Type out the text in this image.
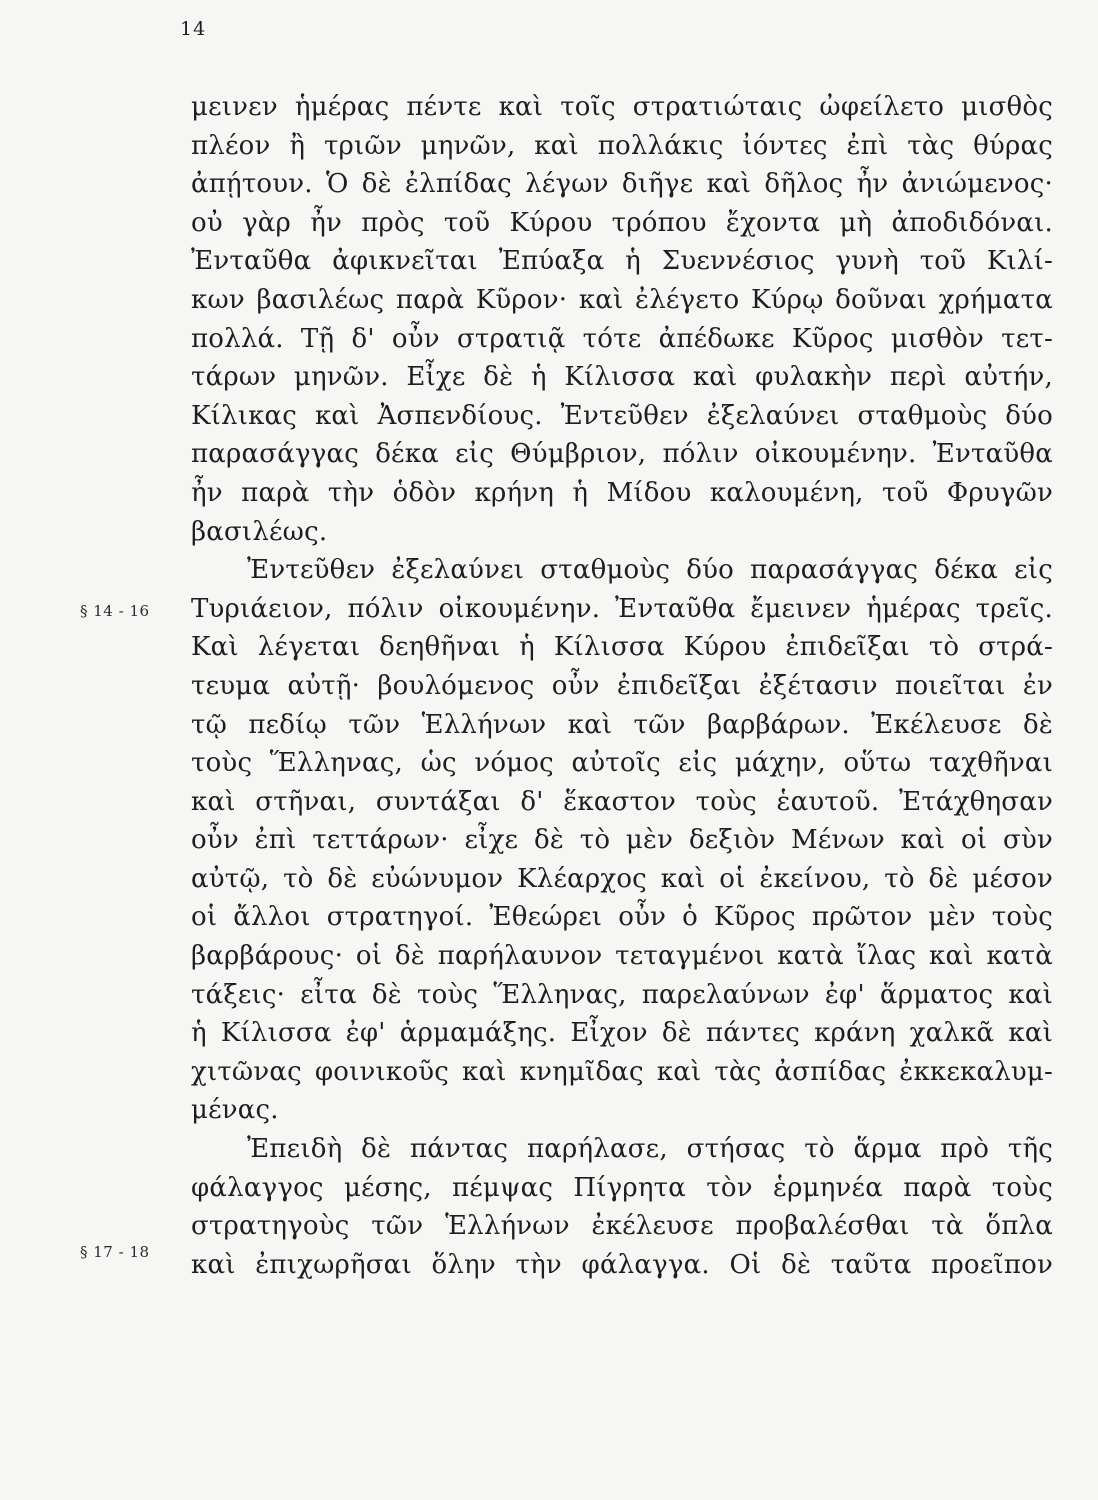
14
§ 14 - 16
§ 17 - 18
μεινεν ἡμέρας πέντε καὶ τοῖς στρατιώταις ὠφείλετο μισθὸς
πλέον ἢ τριῶν μηνῶν, καὶ πολλάκις ἰόντες ἐπὶ τὰς θύρας
ἀπῄτουν. Ὁ δὲ ἐλπίδας λέγων διῆγε καὶ δῆλος ἦν ἀνιώμενος·
οὐ γὰρ ἦν πρὸς τοῦ Κύρου τρόπου ἔχοντα μὴ ἀποδιδόναι.
Ἐνταῦθα ἀφικνεῖται Ἐπύαξα ἡ Συεννέσιος γυνὴ τοῦ Κιλί-
κων βασιλέως παρὰ Κῦρον· καὶ ἐλέγετο Κύρῳ δοῦναι χρήματα
πολλά. Τῇ δ' οὖν στρατιᾷ τότε ἀπέδωκε Κῦρος μισθὸν τετ-
τάρων μηνῶν. Εἶχε δὲ ἡ Κίλισσα καὶ φυλακὴν περὶ αὐτήν,
Κίλικας καὶ Ἀσπενδίους. Ἐντεῦθεν ἐξελαύνει σταθμοὺς δύο
παρασάγγας δέκα εἰς Θύμβριον, πόλιν οἰκουμένην. Ἐνταῦθα
ἦν παρὰ τὴν ὁδὸν κρήνη ἡ Μίδου καλουμένη, τοῦ Φρυγῶν
βασιλέως.
Ἐντεῦθεν ἐξελαύνει σταθμοὺς δύο παρασάγγας δέκα εἰς
Τυριάειον, πόλιν οἰκουμένην. Ἐνταῦθα ἔμεινεν ἡμέρας τρεῖς.
Καὶ λέγεται δεηθῆναι ἡ Κίλισσα Κύρου ἐπιδεῖξαι τὸ στρά-
τευμα αὐτῇ· βουλόμενος οὖν ἐπιδεῖξαι ἐξέτασιν ποιεῖται ἐν
τῷ πεδίῳ τῶν Ἑλλήνων καὶ τῶν βαρβάρων. Ἐκέλευσε δὲ
τοὺς Ἕλληνας, ὡς νόμος αὐτοῖς εἰς μάχην, οὕτω ταχθῆναι
καὶ στῆναι, συντάξαι δ' ἕκαστον τοὺς ἑαυτοῦ. Ἐτάχθησαν
οὖν ἐπὶ τεττάρων· εἶχε δὲ τὸ μὲν δεξιὸν Μένων καὶ οἱ σὺν
αὐτῷ, τὸ δὲ εὐώνυμον Κλέαρχος καὶ οἱ ἐκείνου, τὸ δὲ μέσον
οἱ ἄλλοι στρατηγοί. Ἐθεώρει οὖν ὁ Κῦρος πρῶτον μὲν τοὺς
βαρβάρους· οἱ δὲ παρήλαυνον τεταγμένοι κατὰ ἴλας καὶ κατὰ
τάξεις· εἶτα δὲ τοὺς Ἕλληνας, παρελαύνων ἐφ' ἅρματος καὶ
ἡ Κίλισσα ἐφ' ἁρμαμάξης. Εἶχον δὲ πάντες κράνη χαλκᾶ καὶ
χιτῶνας φοινικοῦς καὶ κνημῖδας καὶ τὰς ἀσπίδας ἐκκεκαλυμ-
μένας.
Ἐπειδὴ δὲ πάντας παρήλασε, στήσας τὸ ἅρμα πρὸ τῆς
φάλαγγος μέσης, πέμψας Πίγρητα τὸν ἑρμηνέα παρὰ τοὺς
στρατηγοὺς τῶν Ἑλλήνων ἐκέλευσε προβαλέσθαι τὰ ὅπλα
καὶ ἐπιχωρῆσαι ὅλην τὴν φάλαγγα. Οἱ δὲ ταῦτα προεῖπον
